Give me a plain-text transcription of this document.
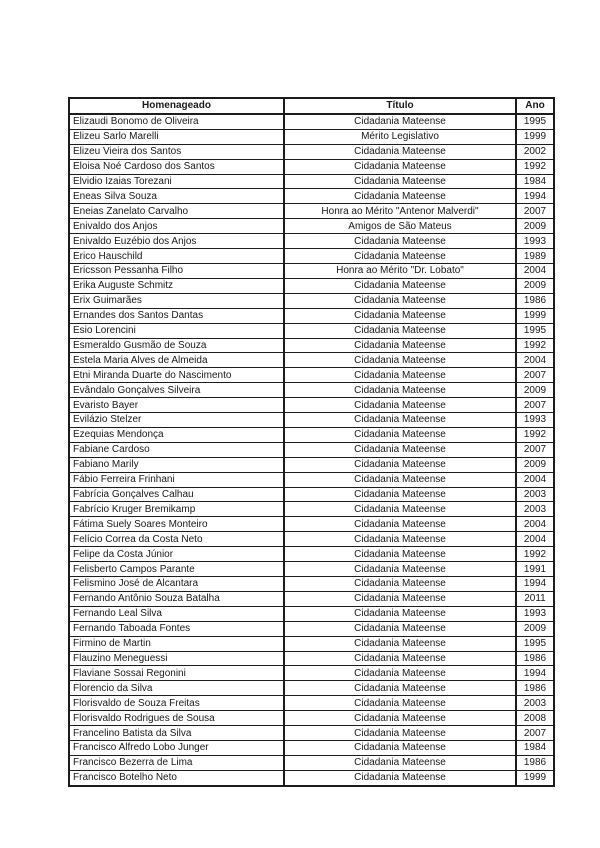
Homenageado	Título	Ano
Elizaudi Bonomo de Oliveira	Cidadania Mateense	1995
Elizeu Sarlo Marelli	Mérito Legislativo	1999
Elizeu Vieira dos Santos	Cidadania Mateense	2002
Eloisa Noé Cardoso dos Santos	Cidadania Mateense	1992
Elvidio Izaias Torezani	Cidadania Mateense	1984
Eneas Silva Souza	Cidadania Mateense	1994
Eneias Zanelato Carvalho	Honra ao Mérito "Antenor Malverdi"	2007
Enivaldo dos Anjos	Amigos de São Mateus	2009
Enivaldo Euzébio dos Anjos	Cidadania Mateense	1993
Erico Hauschild	Cidadania Mateense	1989
Ericsson Pessanha Filho	Honra ao Mérito "Dr. Lobato"	2004
Erika Auguste Schmitz	Cidadania Mateense	2009
Erix Guimarães	Cidadania Mateense	1986
Ernandes dos Santos Dantas	Cidadania Mateense	1999
Esio Lorencini	Cidadania Mateense	1995
Esmeraldo Gusmão de Souza	Cidadania Mateense	1992
Estela Maria Alves de Almeida	Cidadania Mateense	2004
Etni Miranda Duarte do Nascimento	Cidadania Mateense	2007
Evândalo Gonçalves Silveira	Cidadania Mateense	2009
Evaristo Bayer	Cidadania Mateense	2007
Evilázio Stelzer	Cidadania Mateense	1993
Ezequias Mendonça	Cidadania Mateense	1992
Fabiane Cardoso	Cidadania Mateense	2007
Fabiano Marily	Cidadania Mateense	2009
Fábio Ferreira Frinhani	Cidadania Mateense	2004
Fabrícia Gonçalves Calhau	Cidadania Mateense	2003
Fabrício Kruger Bremikamp	Cidadania Mateense	2003
Fátima Suely Soares Monteiro	Cidadania Mateense	2004
Felício Correa da Costa Neto	Cidadania Mateense	2004
Felipe da Costa Júnior	Cidadania Mateense	1992
Felisberto Campos Parante	Cidadania Mateense	1991
Felismino José de Alcantara	Cidadania Mateense	1994
Fernando Antônio Souza Batalha	Cidadania Mateense	2011
Fernando Leal Silva	Cidadania Mateense	1993
Fernando Taboada Fontes	Cidadania Mateense	2009
Firmino de Martin	Cidadania Mateense	1995
Flauzino Meneguessi	Cidadania Mateense	1986
Flaviane Sossai Regonini	Cidadania Mateense	1994
Florencio da Silva	Cidadania Mateense	1986
Florisvaldo de Souza Freitas	Cidadania Mateense	2003
Florisvaldo Rodrigues de Sousa	Cidadania Mateense	2008
Francelino Batista da Silva	Cidadania Mateense	2007
Francisco Alfredo Lobo Junger	Cidadania Mateense	1984
Francisco Bezerra de Lima	Cidadania Mateense	1986
Francisco Botelho Neto	Cidadania Mateense	1999
